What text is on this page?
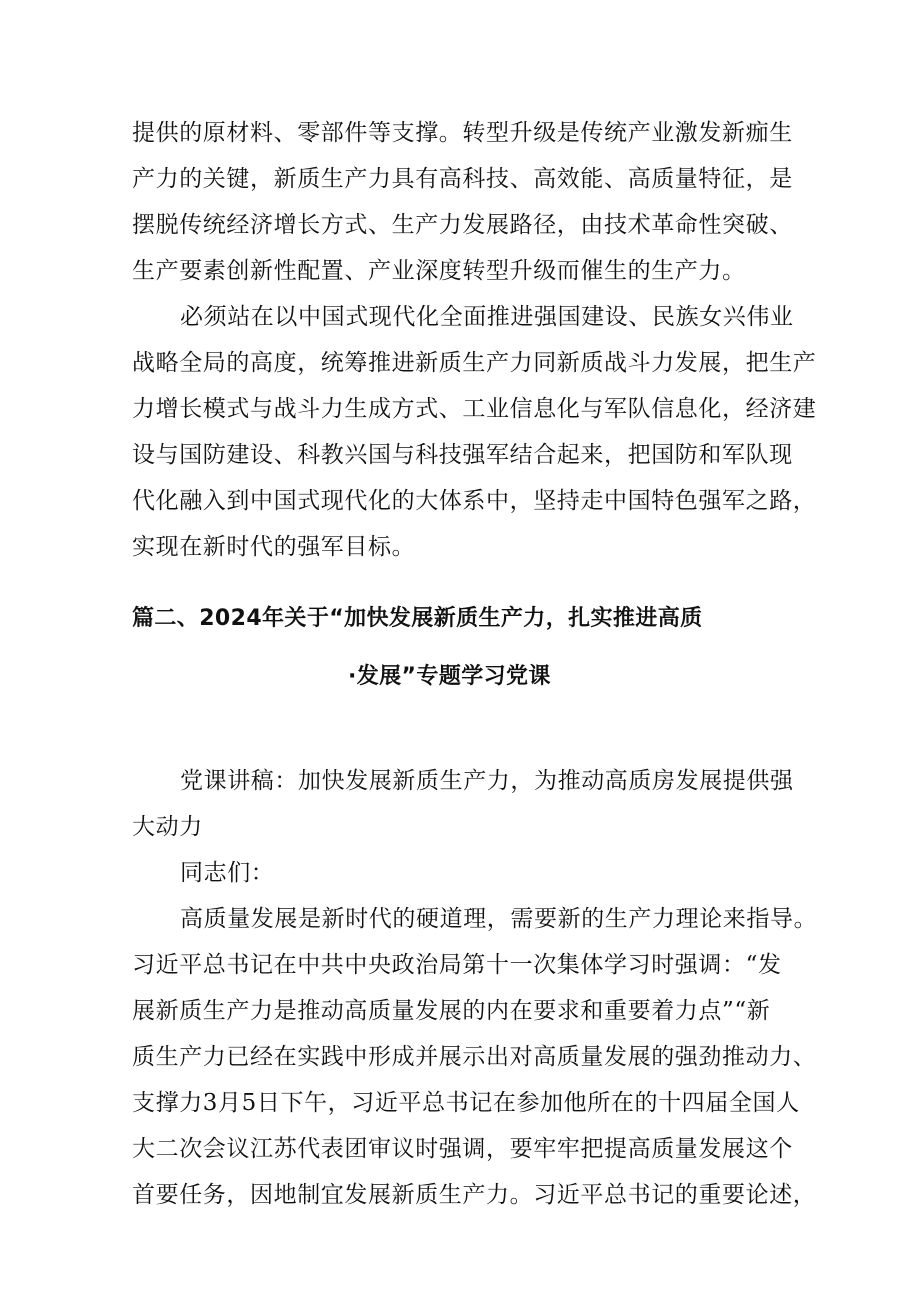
提供的原材料、零部件等支撑。转型升级是传统产业激发新痂生
产力的关键，新质生产力具有高科技、高效能、高质量特征，是
摆脱传统经济增长方式、生产力发展路径，由技术革命性突破、
生产要素创新性配置、产业深度转型升级而催生的生产力。
必须站在以中国式现代化全面推进强国建设、民族女兴伟业
战略全局的高度，统筹推进新质生产力同新质战斗力发展，把生产
力增长模式与战斗力生成方式、工业信息化与军队信息化，经济建
设与国防建设、科教兴国与科技强军结合起来，把国防和军队现
代化融入到中国式现代化的大体系中，坚持走中国特色强军之路，
实现在新时代的强军目标。
篇二、2024年关于“加快发展新质生产力，扎实推进高质
·发展”专题学习党课
党课讲稿：加快发展新质生产力，为推动高质房发展提供强
大动力
同志们：
高质量发展是新时代的硬道理，需要新的生产力理论来指导。
习近平总书记在中共中央政治局第十一次集体学习时强调：“发
展新质生产力是推动高质量发展的内在要求和重要着力点”“新
质生产力已经在实践中形成并展示出对高质量发展的强劲推动力、
支撑力3月5日下午，习近平总书记在参加他所在的十四届全国人
大二次会议江苏代表团审议时强调，要牢牢把提高质量发展这个
首要任务，因地制宜发展新质生产力。习近平总书记的重要论述，
